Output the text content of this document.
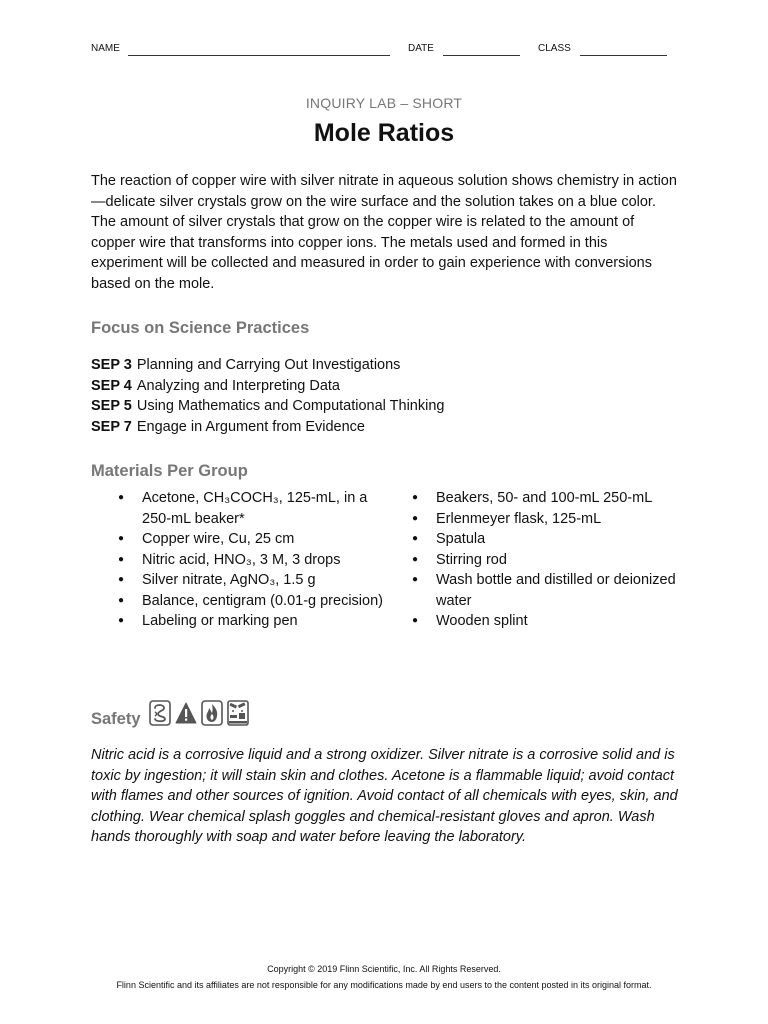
NAME	DATE	CLASS
INQUIRY LAB – SHORT
Mole Ratios

The reaction of copper wire with silver nitrate in aqueous solution shows chemistry in action—delicate silver crystals grow on the wire surface and the solution takes on a blue color. The amount of silver crystals that grow on the copper wire is related to the amount of copper wire that transforms into copper ions. The metals used and formed in this experiment will be collected and measured in order to gain experience with conversions based on the mole.

Focus on Science Practices
SEP 3 Planning and Carrying Out Investigations
SEP 4 Analyzing and Interpreting Data
SEP 5 Using Mathematics and Computational Thinking
SEP 7 Engage in Argument from Evidence
Materials Per Group
● Acetone, CH₃COCH₃, 125-mL, in a 250-mL beaker*
● Copper wire, Cu, 25 cm
● Nitric acid, HNO₃, 3 M, 3 drops
● Silver nitrate, AgNO₃, 1.5 g
● Balance, centigram (0.01-g precision)
● Labeling or marking pen
● Beakers, 50- and 100-mL 250-mL
● Erlenmeyer flask, 125-mL
● Spatula
● Stirring rod
● Wash bottle and distilled or deionized water
● Wooden splint
Safety

Nitric acid is a corrosive liquid and a strong oxidizer. Silver nitrate is a corrosive solid and is toxic by ingestion; it will stain skin and clothes. Acetone is a flammable liquid; avoid contact with flames and other sources of ignition. Avoid contact of all chemicals with eyes, skin, and clothing. Wear chemical splash goggles and chemical-resistant gloves and apron. Wash hands thoroughly with soap and water before leaving the laboratory.

Copyright © 2019 Flinn Scientific, Inc. All Rights Reserved.
Flinn Scientific and its affiliates are not responsible for any modifications made by end users to the content posted in its original format.
